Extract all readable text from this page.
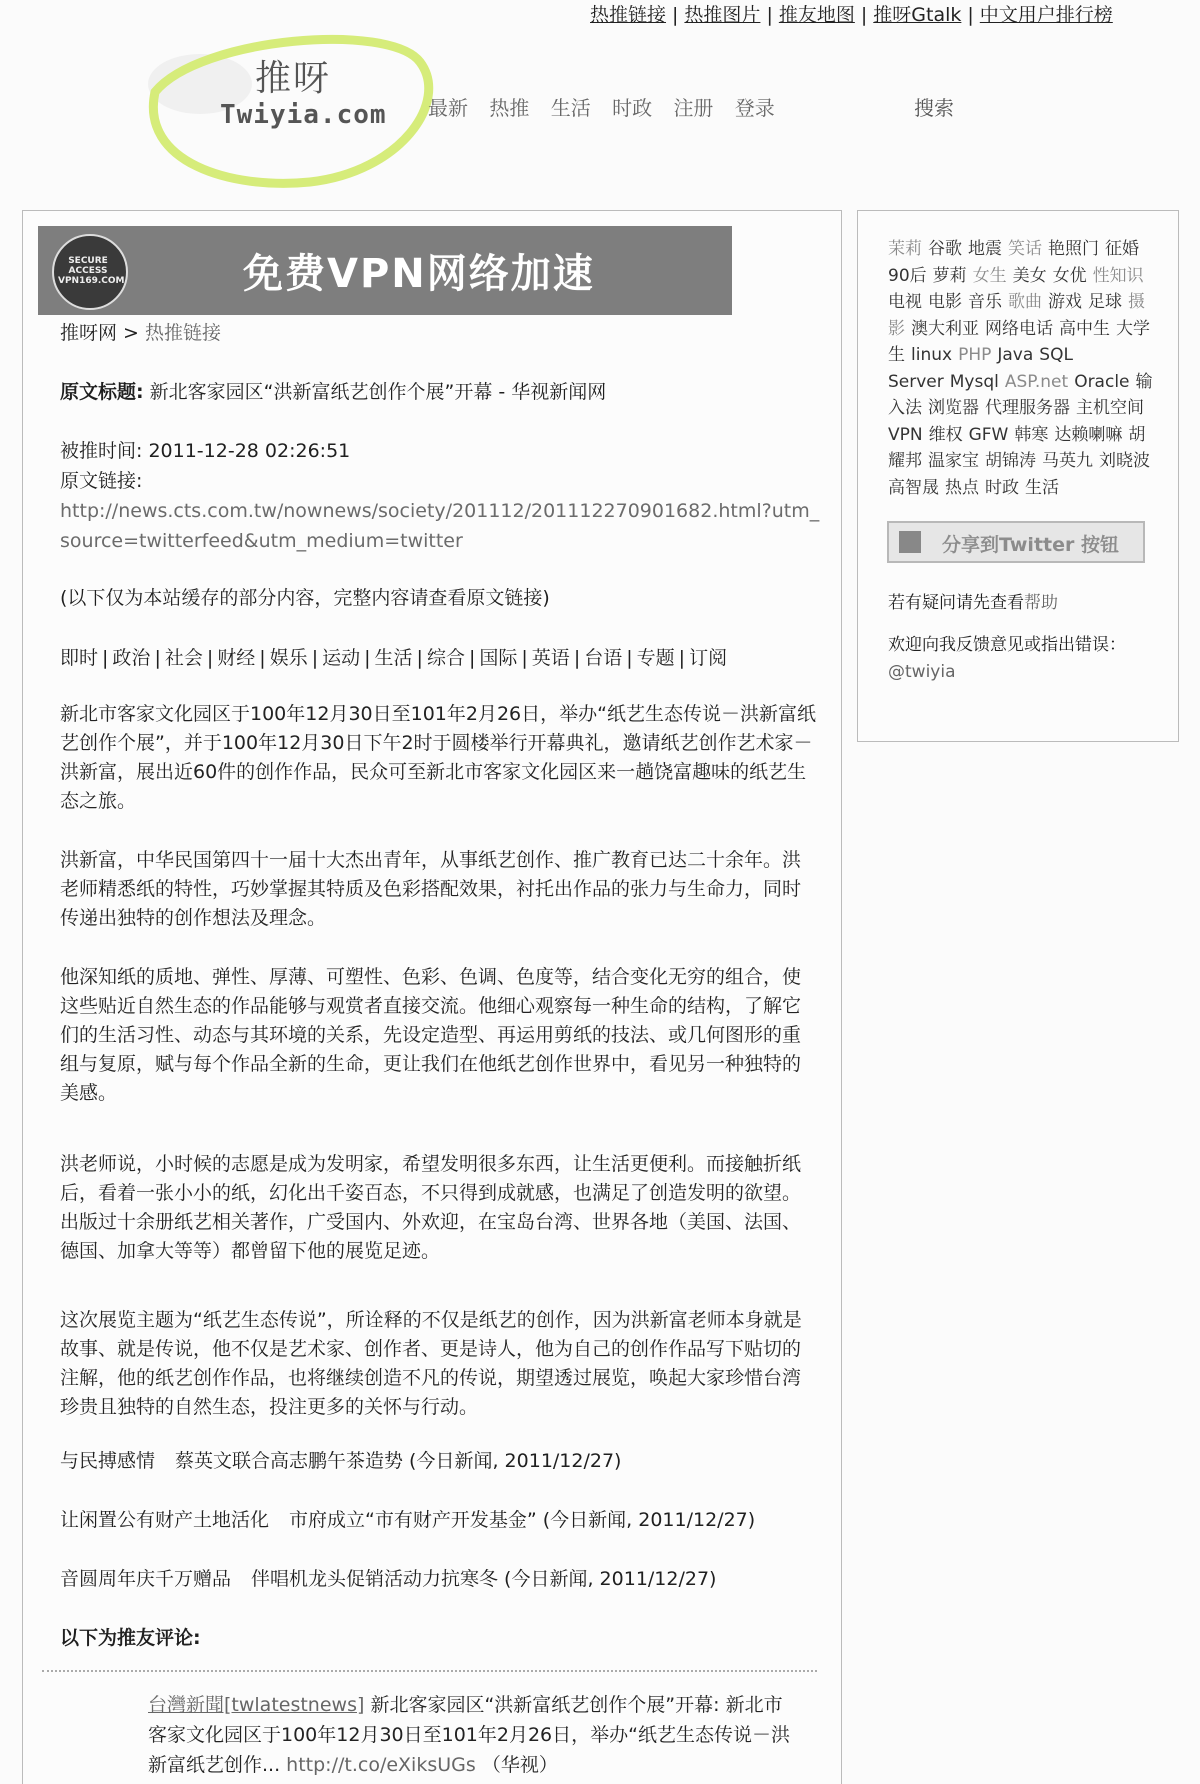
热推链接 | 热推图片 | 推友地图 | 推呀Gtalk | 中文用户排行榜
推呀
Twiyia.com 最新 热推 生活 时政 注册 登录	搜索
SECURE ACCESS VPN169.COM	免费VPN网络加速
推呀网 > 热推链接
原文标题: 新北客家园区“洪新富纸艺创作个展”开幕 - 华视新闻网
被推时间: 2011-12-28 02:26:51
原文链接:
http://news.cts.com.tw/nownews/society/201112/201112270901682.html?utm_source=twitterfeed&utm_medium=twitter
(以下仅为本站缓存的部分内容，完整内容请查看原文链接)
即时 | 政治 | 社会 | 财经 | 娱乐 | 运动 | 生活 | 综合 | 国际 | 英语 | 台语 | 专题 | 订阅
新北市客家文化园区于100年12月30日至101年2月26日，举办“纸艺生态传说－洪新富纸艺创作个展”，并于100年12月30日下午2时于圆楼举行开幕典礼，邀请纸艺创作艺术家－洪新富，展出近60件的创作作品，民众可至新北市客家文化园区来一趟饶富趣味的纸艺生态之旅。
洪新富，中华民国第四十一届十大杰出青年，从事纸艺创作、推广教育已达二十余年。洪老师精悉纸的特性，巧妙掌握其特质及色彩搭配效果，衬托出作品的张力与生命力，同时传递出独特的创作想法及理念。
他深知纸的质地、弹性、厚薄、可塑性、色彩、色调、色度等，结合变化无穷的组合，使这些贴近自然生态的作品能够与观赏者直接交流。他细心观察每一种生命的结构，了解它们的生活习性、动态与其环境的关系，先设定造型、再运用剪纸的技法、或几何图形的重组与复原，赋与每个作品全新的生命，更让我们在他纸艺创作世界中，看见另一种独特的美感。
洪老师说，小时候的志愿是成为发明家，希望发明很多东西，让生活更便利。而接触折纸后，看着一张小小的纸，幻化出千姿百态，不只得到成就感，也满足了创造发明的欲望。出版过十余册纸艺相关著作，广受国内、外欢迎，在宝岛台湾、世界各地（美国、法国、德国、加拿大等等）都曾留下他的展览足迹。
这次展览主题为“纸艺生态传说”，所诠释的不仅是纸艺的创作，因为洪新富老师本身就是故事、就是传说，他不仅是艺术家、创作者、更是诗人，他为自己的创作作品写下贴切的注解，他的纸艺创作作品，也将继续创造不凡的传说，期望透过展览，唤起大家珍惜台湾珍贵且独特的自然生态，投注更多的关怀与行动。
与民搏感情 蔡英文联合高志鹏午茶造势 (今日新闻, 2011/12/27)
让闲置公有财产土地活化 市府成立“市有财产开发基金” (今日新闻, 2011/12/27)
音圆周年庆千万赠品 伴唱机龙头促销活动力抗寒冬 (今日新闻, 2011/12/27)
以下为推友评论:
台灣新聞[twlatestnews] 新北客家园区“洪新富纸艺创作个展”开幕: 新北市客家文化园区于100年12月30日至101年2月26日，举办“纸艺生态传说－洪新富纸艺创作... http://t.co/eXiksUGs （华视）
茉莉 谷歌 地震 笑话 艳照门 征婚90后 萝莉 女生 美女 女优 性知识电视 电影 音乐 歌曲 游戏 足球 摄影 澳大利亚 网络电话 高中生 大学生 linux PHP Java SQL Server Mysql ASP.net Oracle 输入法 浏览器 代理服务器 主机空间VPN 维权 GFW 韩寒 达赖喇嘛 胡耀邦 温家宝 胡锦涛 马英九 刘晓波高智晟 热点 时政 生活
分享到Twitter 按钮
若有疑问请先查看帮助
欢迎向我反馈意见或指出错误：@twiyia
